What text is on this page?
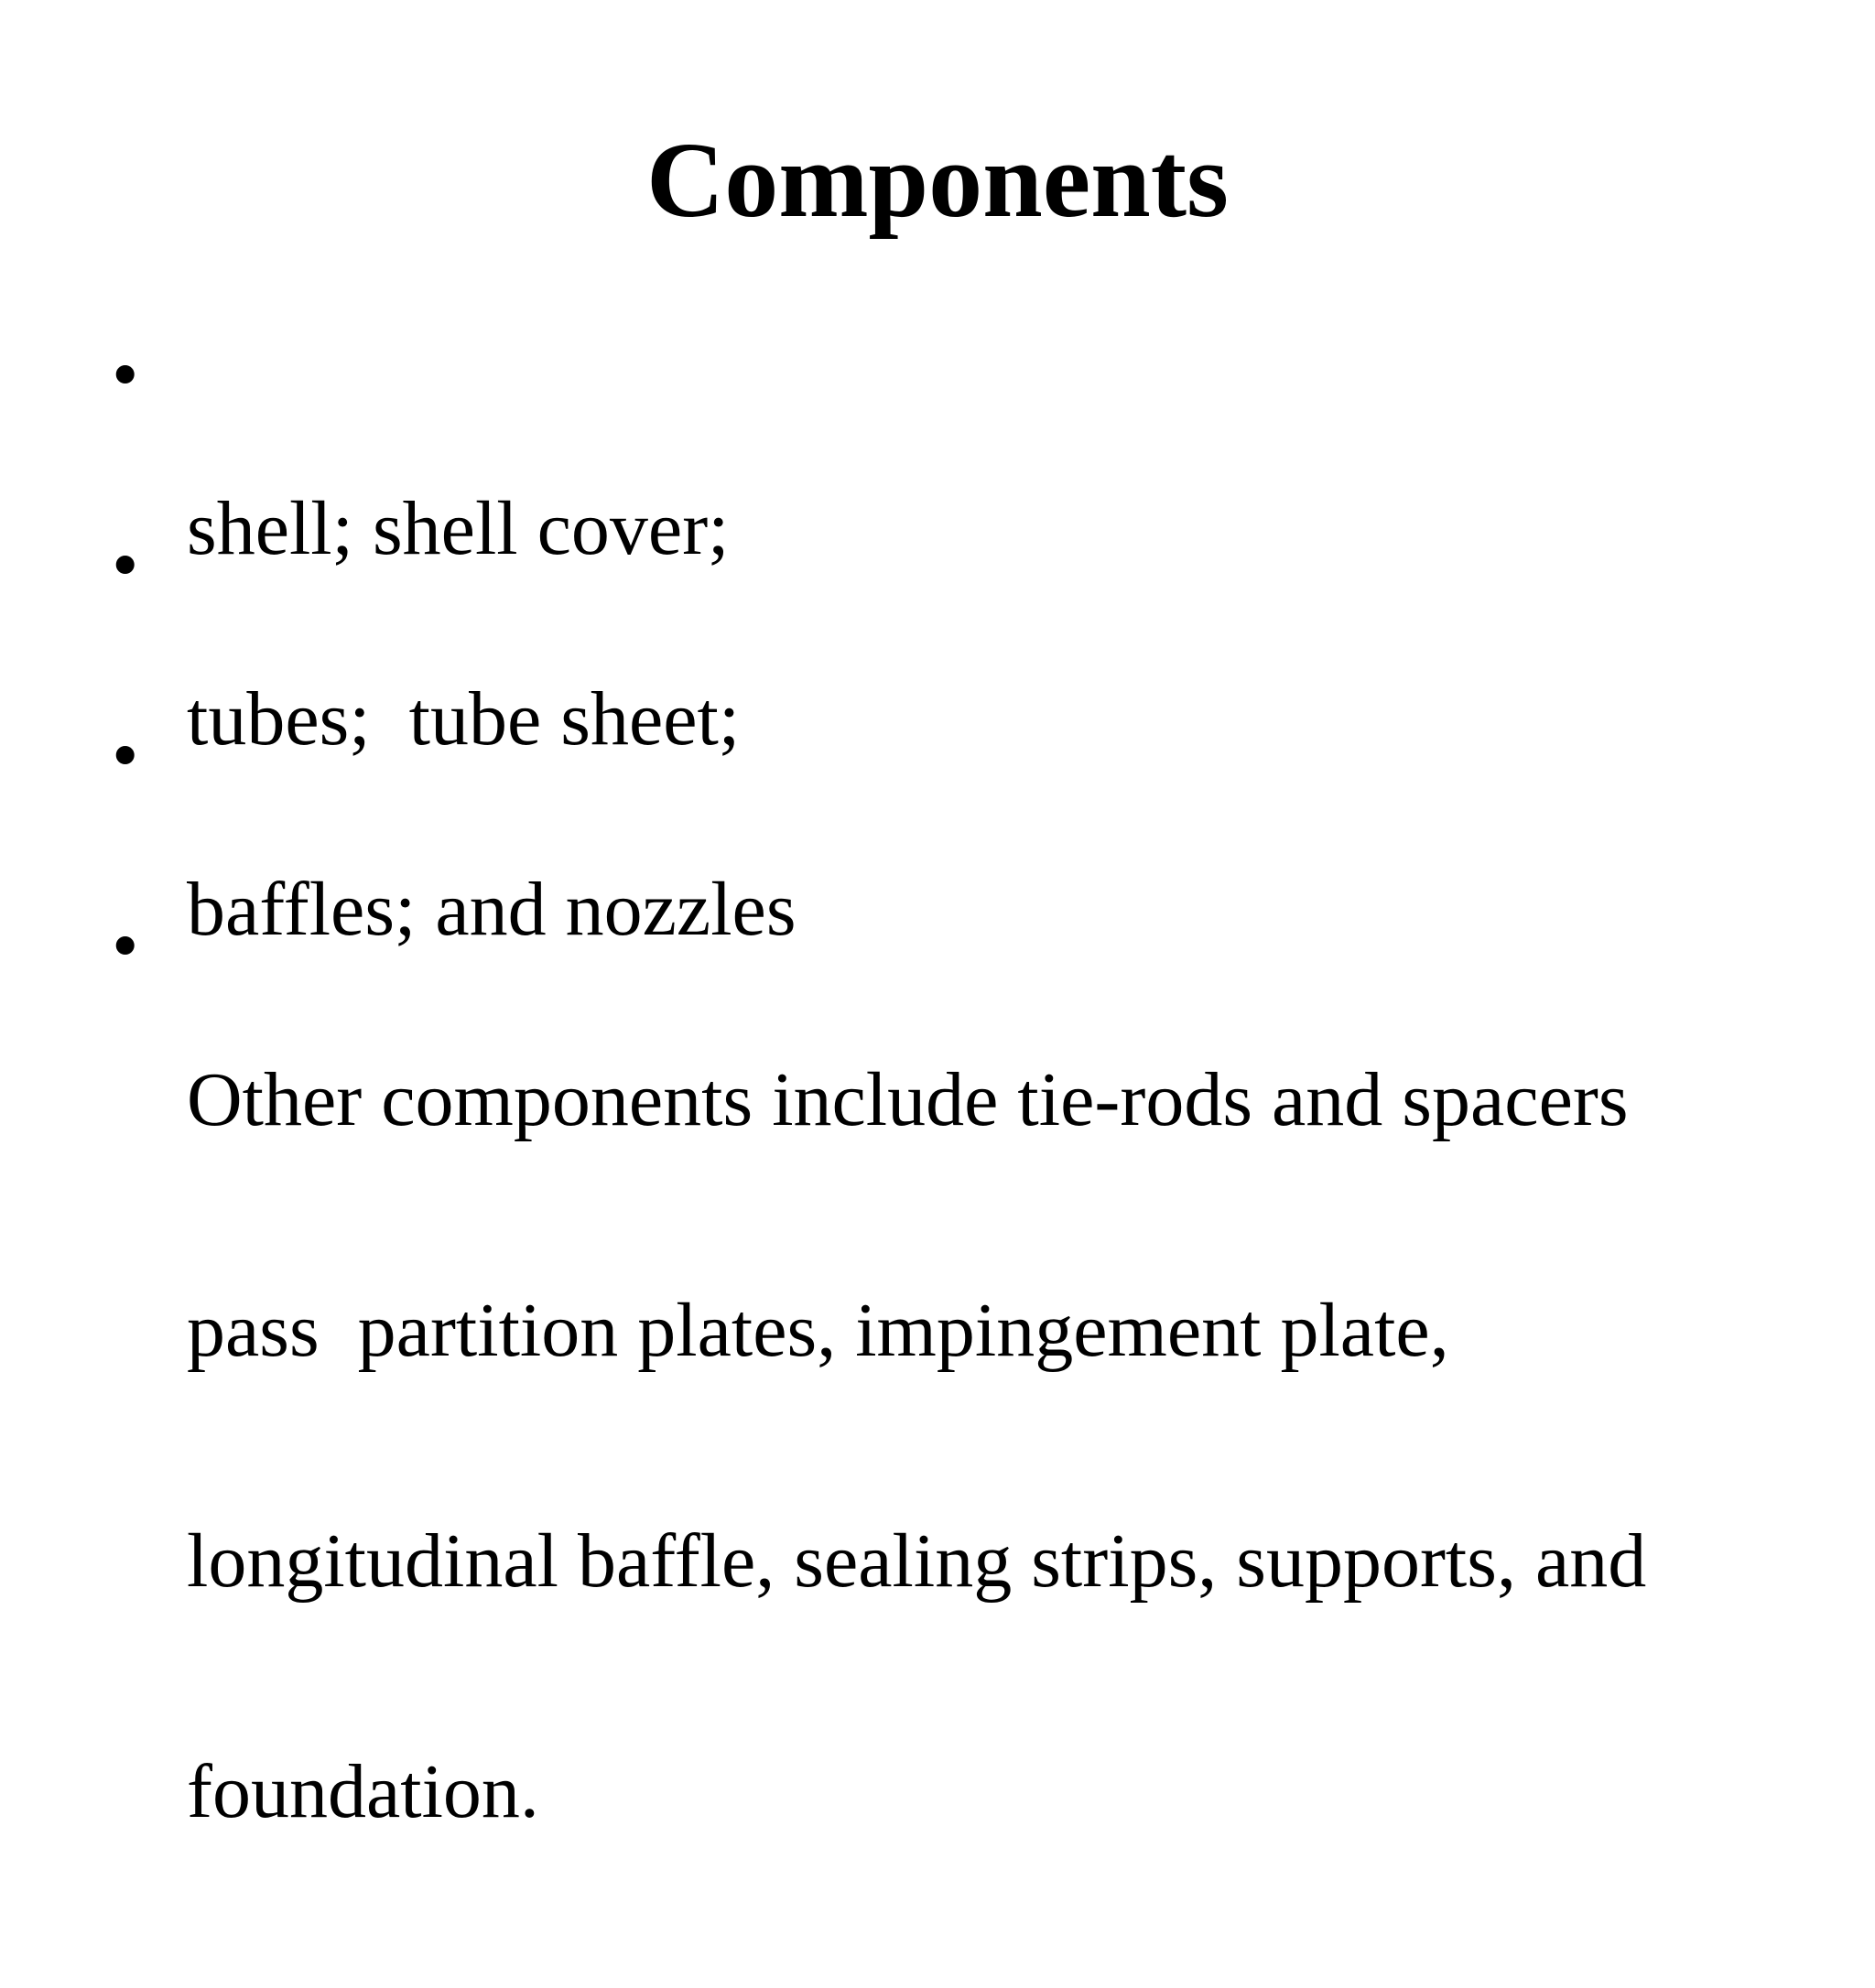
Components
•

shell; shell cover;

•

tubes;  tube sheet;

•

baffles; and nozzles

•

Other components include tie-rods and spacers

pass  partition plates, impingement plate,

longitudinal baffle, sealing strips, supports, and

foundation.
